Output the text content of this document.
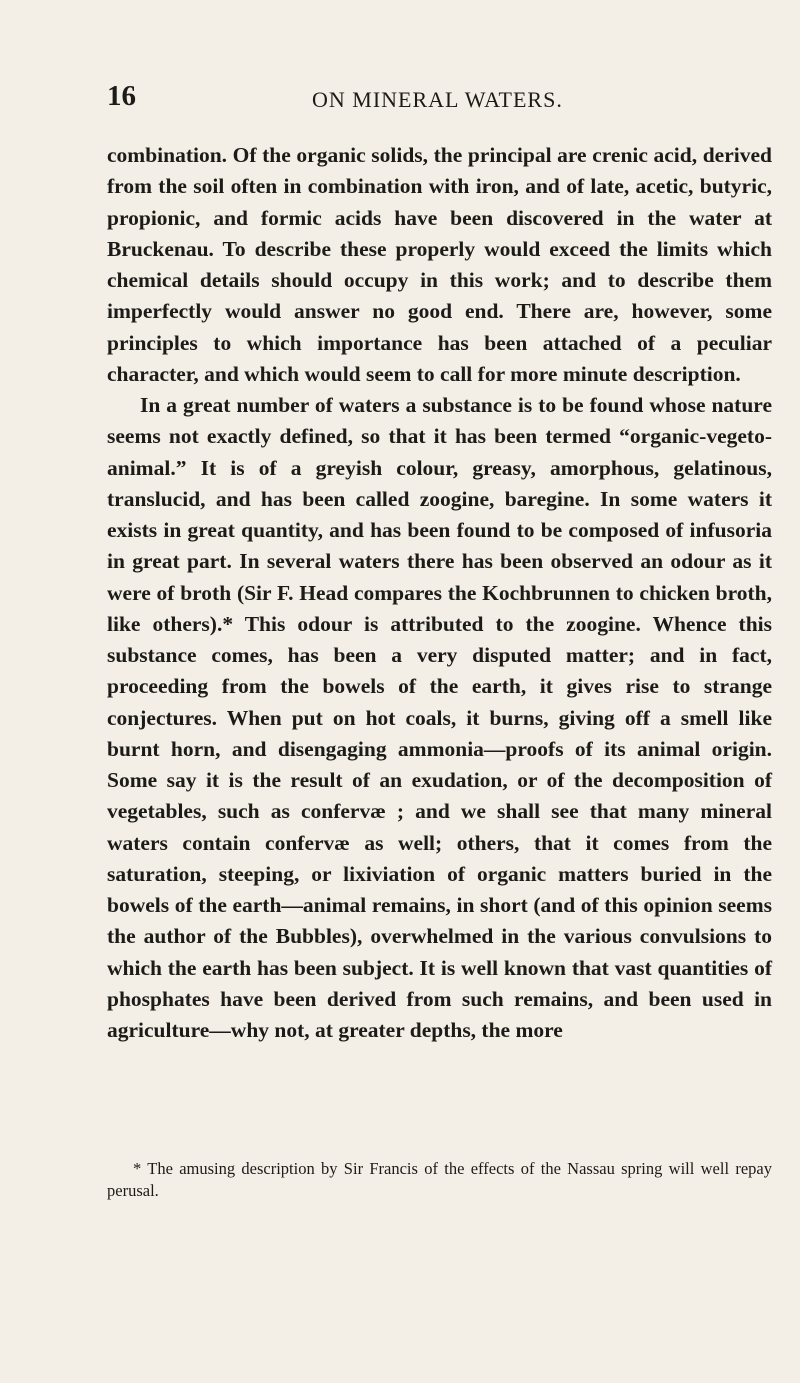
16	ON MINERAL WATERS.

combination. Of the organic solids, the principal are crenic acid, derived from the soil often in combination with iron, and of late, acetic, butyric, propionic, and formic acids have been discovered in the water at Bruckenau. To describe these properly would exceed the limits which chemical details should occupy in this work; and to describe them imperfectly would answer no good end. There are, however, some principles to which importance has been attached of a peculiar character, and which would seem to call for more minute description.

In a great number of waters a substance is to be found whose nature seems not exactly defined, so that it has been termed “organic-vegeto-animal.” It is of a greyish colour, greasy, amorphous, gelatinous, translucid, and has been called zoogine, baregine. In some waters it exists in great quantity, and has been found to be composed of infusoria in great part. In several waters there has been observed an odour as it were of broth (Sir F. Head compares the Kochbrunnen to chicken broth, like others).* This odour is attributed to the zoogine. Whence this substance comes, has been a very disputed matter; and in fact, proceeding from the bowels of the earth, it gives rise to strange conjectures. When put on hot coals, it burns, giving off a smell like burnt horn, and disengaging ammonia—proofs of its animal origin. Some say it is the result of an exudation, or of the decomposition of vegetables, such as confervæ ; and we shall see that many mineral waters contain confervæ as well; others, that it comes from the saturation, steeping, or lixiviation of organic matters buried in the bowels of the earth—animal remains, in short (and of this opinion seems the author of the Bubbles), overwhelmed in the various convulsions to which the earth has been subject. It is well known that vast quantities of phosphates have been derived from such remains, and been used in agriculture—why not, at greater depths, the more

* The amusing description by Sir Francis of the effects of the Nassau spring will well repay perusal.
